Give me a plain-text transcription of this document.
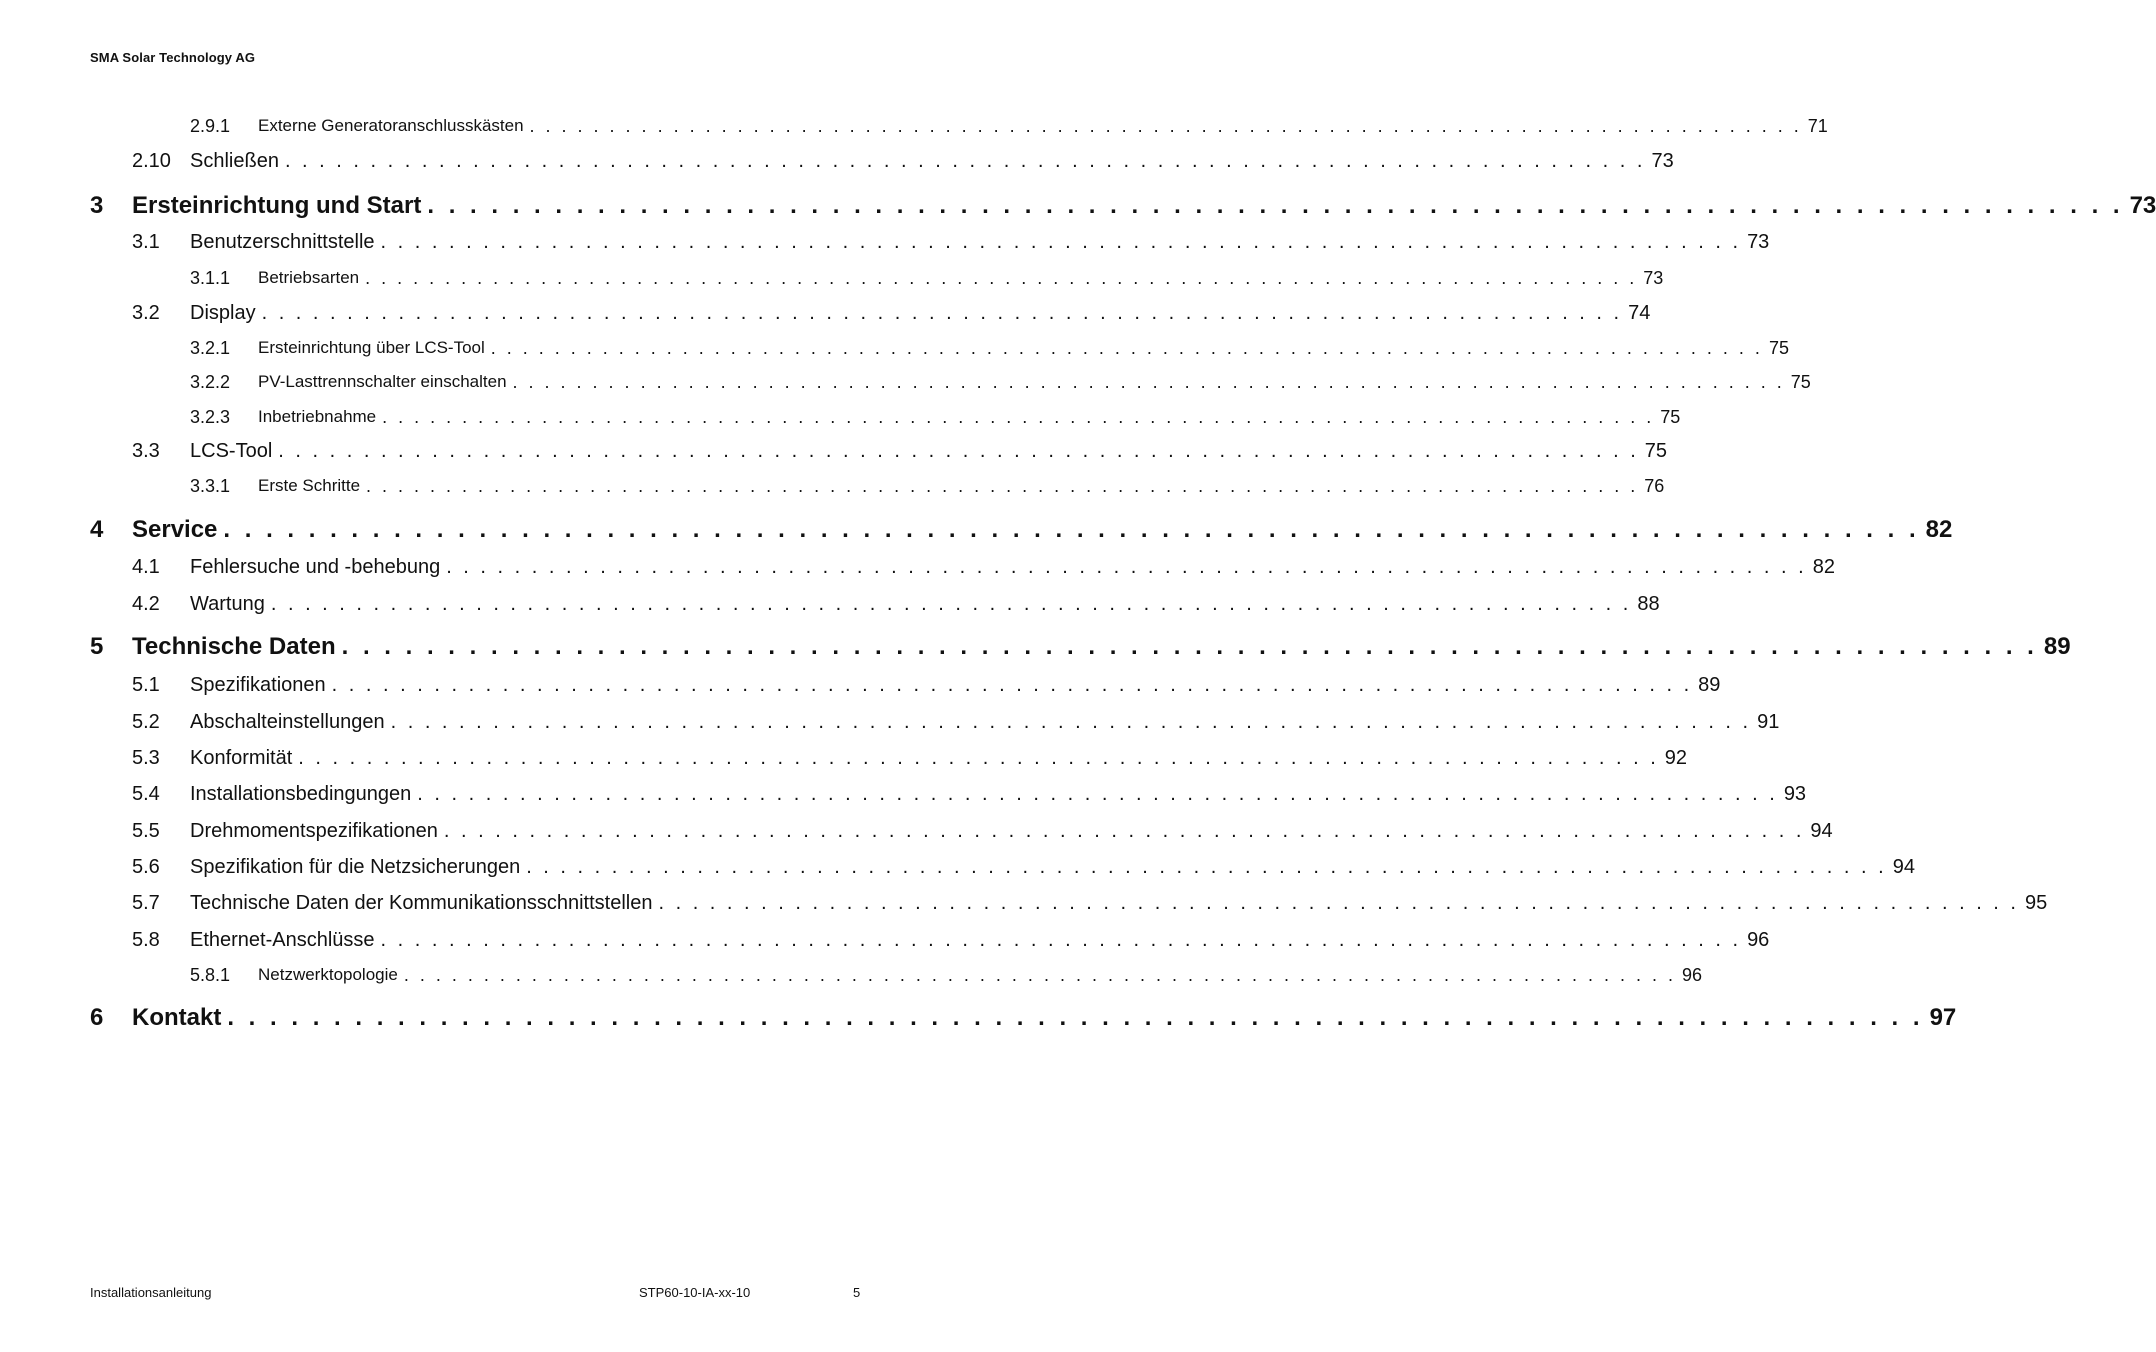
SMA Solar Technology AG
2.9.1 Externe Generatoranschlusskästen . . . . . . . . . . . . . . . . . . . . . . . . . . . . . . . . . . . . . . . . . . . . . . . . . . . . . . . . . . . . . . . . . . . . . . . . . . . . . . . . 71
2.10 Schließen . . . . . . . . . . . . . . . . . . . . . . . . . . . . . . . . . . . . . . . . . . . . . . . . . . . . . . . . . . . . . . . . . . . . . . . . . . . . . . . . 73
3 Ersteinrichtung und Start . . . . . . . . . . . . . . . . . . . . . . . . . . . . . . . . . . . . . . . . . . . . . . . . . . . . . . . . . . . . . . . . . . . . . . . . . . . . . . . . 73
3.1 Benutzerschnittstelle . . . . . . . . . . . . . . . . . . . . . . . . . . . . . . . . . . . . . . . . . . . . . . . . . . . . . . . . . . . . . . . . . . . . . . . . . . . . . . . . 73
3.1.1 Betriebsarten . . . . . . . . . . . . . . . . . . . . . . . . . . . . . . . . . . . . . . . . . . . . . . . . . . . . . . . . . . . . . . . . . . . . . . . . . . . . . . . . 73
3.2 Display . . . . . . . . . . . . . . . . . . . . . . . . . . . . . . . . . . . . . . . . . . . . . . . . . . . . . . . . . . . . . . . . . . . . . . . . . . . . . . . . 74
3.2.1 Ersteinrichtung über LCS-Tool . . . . . . . . . . . . . . . . . . . . . . . . . . . . . . . . . . . . . . . . . . . . . . . . . . . . . . . . . . . . . . . . . . . . . . . . . . . . . . . . 75
3.2.2 PV-Lasttrennschalter einschalten . . . . . . . . . . . . . . . . . . . . . . . . . . . . . . . . . . . . . . . . . . . . . . . . . . . . . . . . . . . . . . . . . . . . . . . . . . . . . . . . 75
3.2.3 Inbetriebnahme . . . . . . . . . . . . . . . . . . . . . . . . . . . . . . . . . . . . . . . . . . . . . . . . . . . . . . . . . . . . . . . . . . . . . . . . . . . . . . . . 75
3.3 LCS-Tool . . . . . . . . . . . . . . . . . . . . . . . . . . . . . . . . . . . . . . . . . . . . . . . . . . . . . . . . . . . . . . . . . . . . . . . . . . . . . . . . 75
3.3.1 Erste Schritte . . . . . . . . . . . . . . . . . . . . . . . . . . . . . . . . . . . . . . . . . . . . . . . . . . . . . . . . . . . . . . . . . . . . . . . . . . . . . . . . 76
4 Service . . . . . . . . . . . . . . . . . . . . . . . . . . . . . . . . . . . . . . . . . . . . . . . . . . . . . . . . . . . . . . . . . . . . . . . . . . . . . . . . 82
4.1 Fehlersuche und -behebung . . . . . . . . . . . . . . . . . . . . . . . . . . . . . . . . . . . . . . . . . . . . . . . . . . . . . . . . . . . . . . . . . . . . . . . . . . . . . . . . 82
4.2 Wartung . . . . . . . . . . . . . . . . . . . . . . . . . . . . . . . . . . . . . . . . . . . . . . . . . . . . . . . . . . . . . . . . . . . . . . . . . . . . . . . . 88
5 Technische Daten . . . . . . . . . . . . . . . . . . . . . . . . . . . . . . . . . . . . . . . . . . . . . . . . . . . . . . . . . . . . . . . . . . . . . . . . . . . . . . . . 89
5.1 Spezifikationen . . . . . . . . . . . . . . . . . . . . . . . . . . . . . . . . . . . . . . . . . . . . . . . . . . . . . . . . . . . . . . . . . . . . . . . . . . . . . . . . 89
5.2 Abschalteinstellungen . . . . . . . . . . . . . . . . . . . . . . . . . . . . . . . . . . . . . . . . . . . . . . . . . . . . . . . . . . . . . . . . . . . . . . . . . . . . . . . . 91
5.3 Konformität . . . . . . . . . . . . . . . . . . . . . . . . . . . . . . . . . . . . . . . . . . . . . . . . . . . . . . . . . . . . . . . . . . . . . . . . . . . . . . . . 92
5.4 Installationsbedingungen . . . . . . . . . . . . . . . . . . . . . . . . . . . . . . . . . . . . . . . . . . . . . . . . . . . . . . . . . . . . . . . . . . . . . . . . . . . . . . . . 93
5.5 Drehmomentspezifikationen . . . . . . . . . . . . . . . . . . . . . . . . . . . . . . . . . . . . . . . . . . . . . . . . . . . . . . . . . . . . . . . . . . . . . . . . . . . . . . . . 94
5.6 Spezifikation für die Netzsicherungen . . . . . . . . . . . . . . . . . . . . . . . . . . . . . . . . . . . . . . . . . . . . . . . . . . . . . . . . . . . . . . . . . . . . . . . . . . . . . . . . 94
5.7 Technische Daten der Kommunikationsschnittstellen . . . . . . . . . . . . . . . . . . . . . . . . . . . . . . . . . . . . . . . . . . . . . . . . . . . . . . . . . . . . . . . . . . . . . . . . . . . . . . . . 95
5.8 Ethernet-Anschlüsse . . . . . . . . . . . . . . . . . . . . . . . . . . . . . . . . . . . . . . . . . . . . . . . . . . . . . . . . . . . . . . . . . . . . . . . . . . . . . . . . 96
5.8.1 Netzwerktopologie . . . . . . . . . . . . . . . . . . . . . . . . . . . . . . . . . . . . . . . . . . . . . . . . . . . . . . . . . . . . . . . . . . . . . . . . . . . . . . . . 96
6 Kontakt . . . . . . . . . . . . . . . . . . . . . . . . . . . . . . . . . . . . . . . . . . . . . . . . . . . . . . . . . . . . . . . . . . . . . . . . . . . . . . . . 97
Installationsanleitung	STP60-10-IA-xx-10	5
